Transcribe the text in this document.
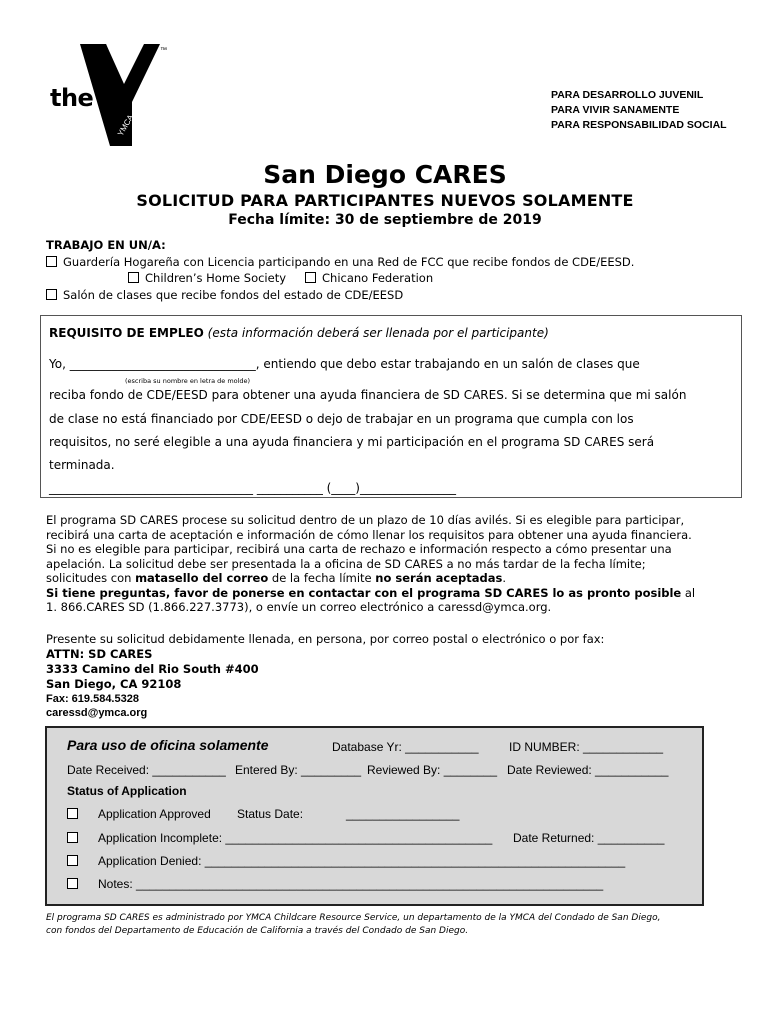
YMCA
™
the	PARA DESARROLLO JUVENIL
PARA VIVIR SANAMENTE
PARA RESPONSABILIDAD SOCIAL
San Diego CARES
SOLICITUD PARA PARTICIPANTES NUEVOS SOLAMENTE
Fecha límite: 30 de septiembre de 2019
TRABAJO EN UN/A:
Guardería Hogareña con Licencia participando en una Red de FCC que recibe fondos de CDE/EESD.
Children’s Home Society	Chicano Federation
Salón de clases que recibe fondos del estado de CDE/EESD
REQUISITO DE EMPLEO (esta información deberá ser llenada por el participante)
Yo, _______________________________, entiendo que debo estar trabajando en un salón de clases que
(escriba su nombre en letra de molde)
reciba fondo de CDE/EESD para obtener una ayuda financiera de SD CARES. Si se determina que mi salón
de clase no está financiado por CDE/EESD o dejo de trabajar en un programa que cumpla con los
requisitos, no seré elegible a una ayuda financiera y mi participación en el programa SD CARES será
terminada.
__________________________________ ___________ (____)________________
El programa SD CARES procese su solicitud dentro de un plazo de 10 días avilés. Si es elegible para participar,
recibirá una carta de aceptación e información de cómo llenar los requisitos para obtener una ayuda financiera.
Si no es elegible para participar, recibirá una carta de rechazo e información respecto a cómo presentar una
apelación. La solicitud debe ser presentada la a oficina de SD CARES a no más tardar de la fecha límite;
solicitudes con matasello del correo de la fecha límite no serán aceptadas.
Si tiene preguntas, favor de ponerse en contactar con el programa SD CARES lo as pronto posible al
1. 866.CARES SD (1.866.227.3773), o envíe un correo electrónico a caressd@ymca.org.
Presente su solicitud debidamente llenada, en persona, por correo postal o electrónico o por fax:
ATTN: SD CARES
3333 Camino del Rio South #400
San Diego, CA 92108
Fax: 619.584.5328
caressd@ymca.org
Para uso de oficina solamente	Database Yr: ___________	ID NUMBER: ____________
Date Received: ___________ Entered By: _________ Reviewed By: ________ Date Reviewed: ___________
Status of Application
Application Approved Status Date:	_________________
Application Incomplete: ________________________________________ Date Returned: __________
Application Denied: _______________________________________________________________
Notes: ______________________________________________________________________
El programa SD CARES es administrado por YMCA Childcare Resource Service, un departamento de la YMCA del Condado de San Diego,
con fondos del Departamento de Educación de California a través del Condado de San Diego.
